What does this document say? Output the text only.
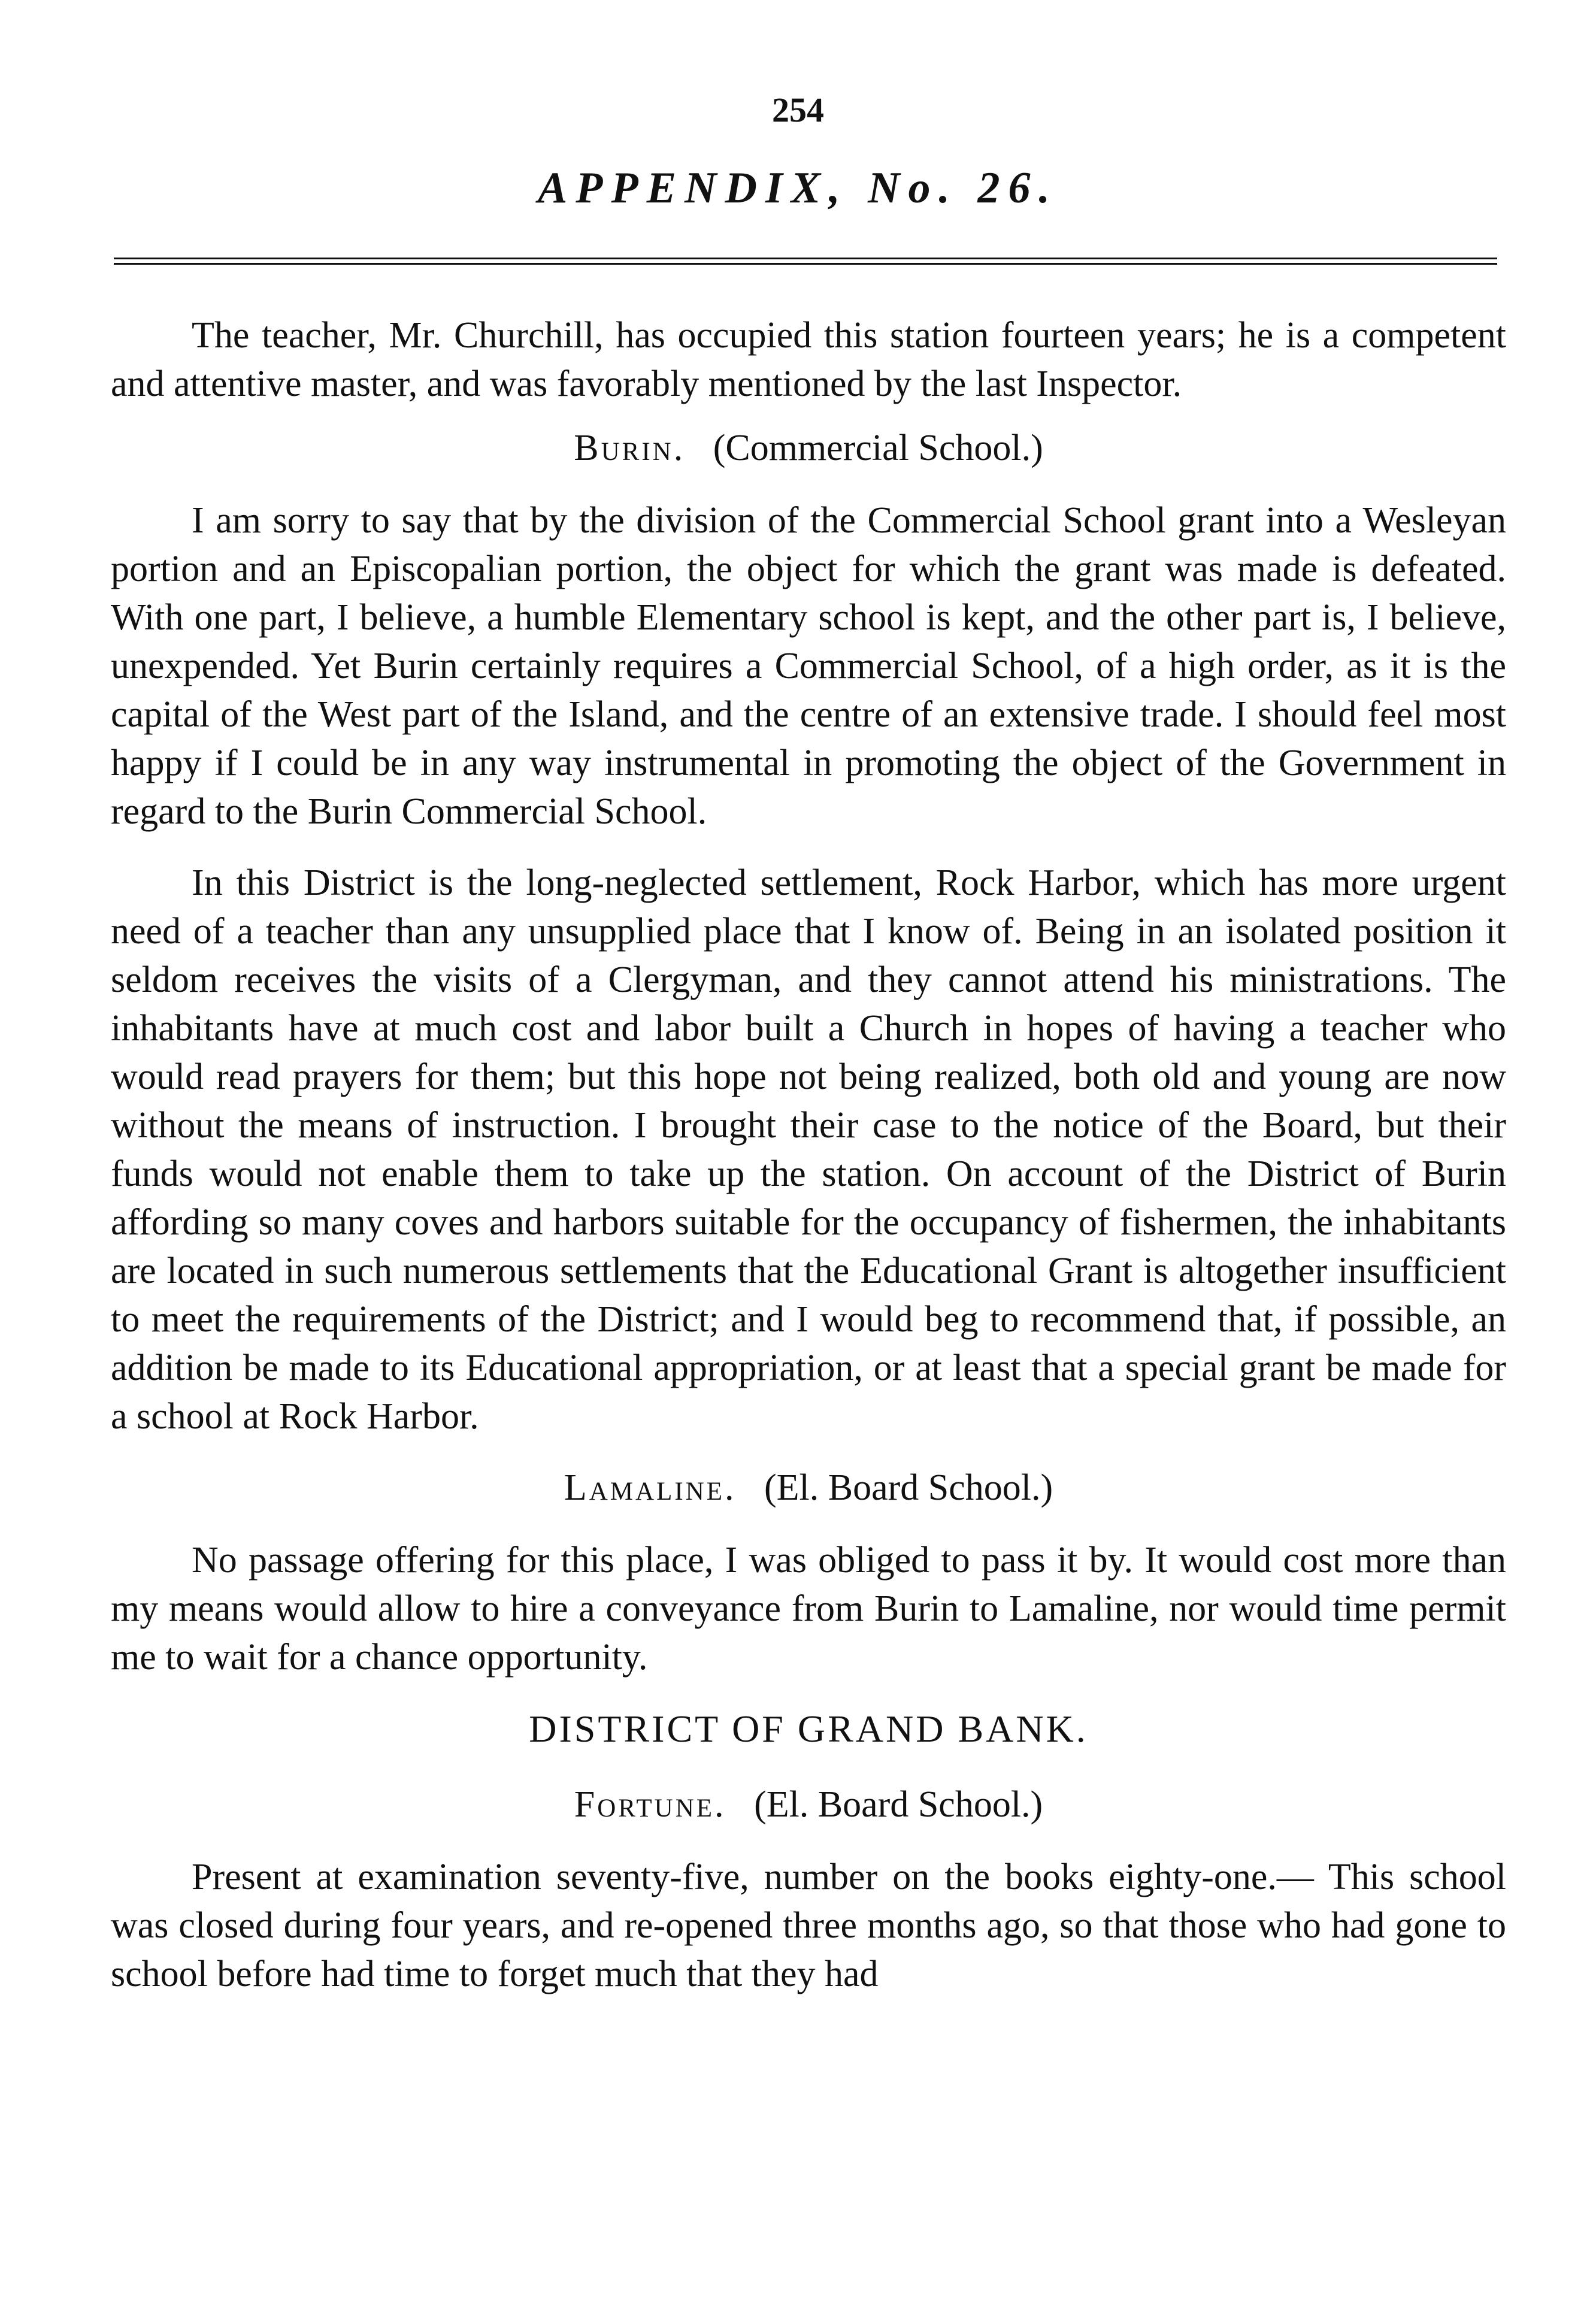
254
APPENDIX, No. 26.

The teacher, Mr. Churchill, has occupied this station fourteen years; he is a competent and attentive master, and was favorably mentioned by the last Inspector.

Burin. (Commercial School.)

I am sorry to say that by the division of the Commercial School grant into a Wesleyan portion and an Episcopalian portion, the object for which the grant was made is defeated. With one part, I believe, a humble Elementary school is kept, and the other part is, I believe, unexpended. Yet Burin certainly requires a Commercial School, of a high order, as it is the capital of the West part of the Island, and the centre of an extensive trade. I should feel most happy if I could be in any way instrumental in promoting the object of the Government in regard to the Burin Commercial School.

In this District is the long-neglected settlement, Rock Harbor, which has more urgent need of a teacher than any unsupplied place that I know of. Being in an isolated position it seldom receives the visits of a Clergyman, and they cannot attend his ministrations. The inhabitants have at much cost and labor built a Church in hopes of having a teacher who would read prayers for them; but this hope not being realized, both old and young are now without the means of instruction. I brought their case to the notice of the Board, but their funds would not enable them to take up the station. On account of the District of Burin affording so many coves and harbors suitable for the occupancy of fishermen, the inhabitants are located in such numerous settlements that the Educational Grant is altogether insufficient to meet the requirements of the District; and I would beg to recommend that, if possible, an addition be made to its Educational appropriation, or at least that a special grant be made for a school at Rock Harbor.

Lamaline. (El. Board School.)

No passage offering for this place, I was obliged to pass it by. It would cost more than my means would allow to hire a conveyance from Burin to Lamaline, nor would time permit me to wait for a chance opportunity.

DISTRICT OF GRAND BANK.
Fortune. (El. Board School.)

Present at examination seventy-five, number on the books eighty-one.— This school was closed during four years, and re-opened three months ago, so that those who had gone to school before had time to forget much that they had
